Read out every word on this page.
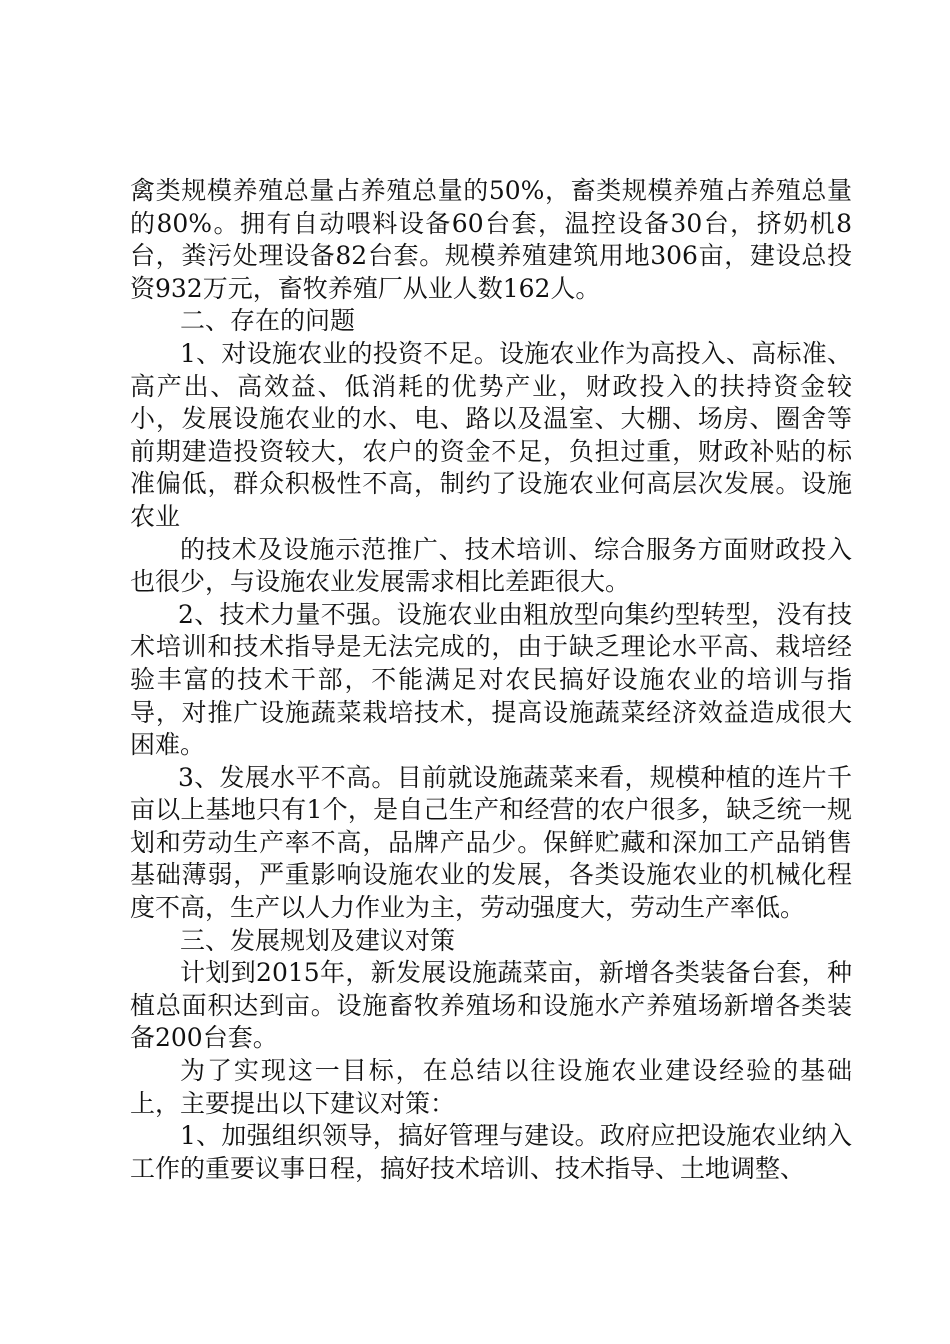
禽类规模养殖总量占养殖总量的50%，畜类规模养殖占养殖总量的80%。拥有自动喂料设备60台套，温控设备30台，挤奶机8台，粪污处理设备82台套。规模养殖建筑用地306亩，建设总投资932万元，畜牧养殖厂从业人数162人。

二、存在的问题

1、对设施农业的投资不足。设施农业作为高投入、高标准、高产出、高效益、低消耗的优势产业，财政投入的扶持资金较小，发展设施农业的水、电、路以及温室、大棚、场房、圈舍等前期建造投资较大，农户的资金不足，负担过重，财政补贴的标准偏低，群众积极性不高，制约了设施农业何高层次发展。设施农业

的技术及设施示范推广、技术培训、综合服务方面财政投入也很少，与设施农业发展需求相比差距很大。

2、技术力量不强。设施农业由粗放型向集约型转型，没有技术培训和技术指导是无法完成的，由于缺乏理论水平高、栽培经验丰富的技术干部，不能满足对农民搞好设施农业的培训与指导，对推广设施蔬菜栽培技术，提高设施蔬菜经济效益造成很大困难。

3、发展水平不高。目前就设施蔬菜来看，规模种植的连片千亩以上基地只有1个，是自己生产和经营的农户很多，缺乏统一规划和劳动生产率不高，品牌产品少。保鲜贮藏和深加工产品销售基础薄弱，严重影响设施农业的发展，各类设施农业的机械化程度不高，生产以人力作业为主，劳动强度大，劳动生产率低。

三、发展规划及建议对策

计划到2015年，新发展设施蔬菜亩，新增各类装备台套，种植总面积达到亩。设施畜牧养殖场和设施水产养殖场新增各类装备200台套。

为了实现这一目标，在总结以往设施农业建设经验的基础上，主要提出以下建议对策：

1、加强组织领导，搞好管理与建设。政府应把设施农业纳入工作的重要议事日程，搞好技术培训、技术指导、土地调整、
